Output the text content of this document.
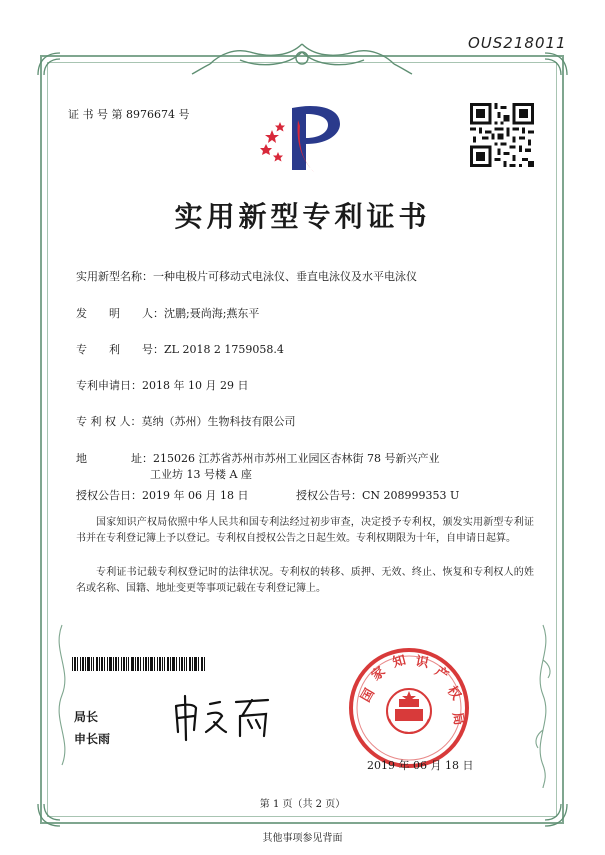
OUS218011
证 书 号 第 8976674 号
实用新型专利证书
实用新型名称：一种电极片可移动式电泳仪、垂直电泳仪及水平电泳仪
发　　明　　人：沈鹏;聂尚海;燕东平
专　　利　　号：ZL 2018 2 1759058.4
专利申请日：2018 年 10 月 29 日
专 利 权 人：莫纳（苏州）生物科技有限公司
地　　　　址：215026 江苏省苏州市苏州工业园区杏林街 78 号新兴产业
工业坊 13 号楼 A 座
授权公告日：2019 年 06 月 18 日	授权公告号：CN 208999353 U
国家知识产权局依照中华人民共和国专利法经过初步审查，决定授予专利权，颁发实用新型专利证书并在专利登记簿上予以登记。专利权自授权公告之日起生效。专利权期限为十年，自申请日起算。
专利证书记载专利权登记时的法律状况。专利权的转移、质押、无效、终止、恢复和专利权人的姓名或名称、国籍、地址变更等事项记载在专利登记簿上。
局长
申长雨
国
家
知 识
产
权
局
2019 年 06 月 18 日
第 1 页（共 2 页）
其他事项参见背面
